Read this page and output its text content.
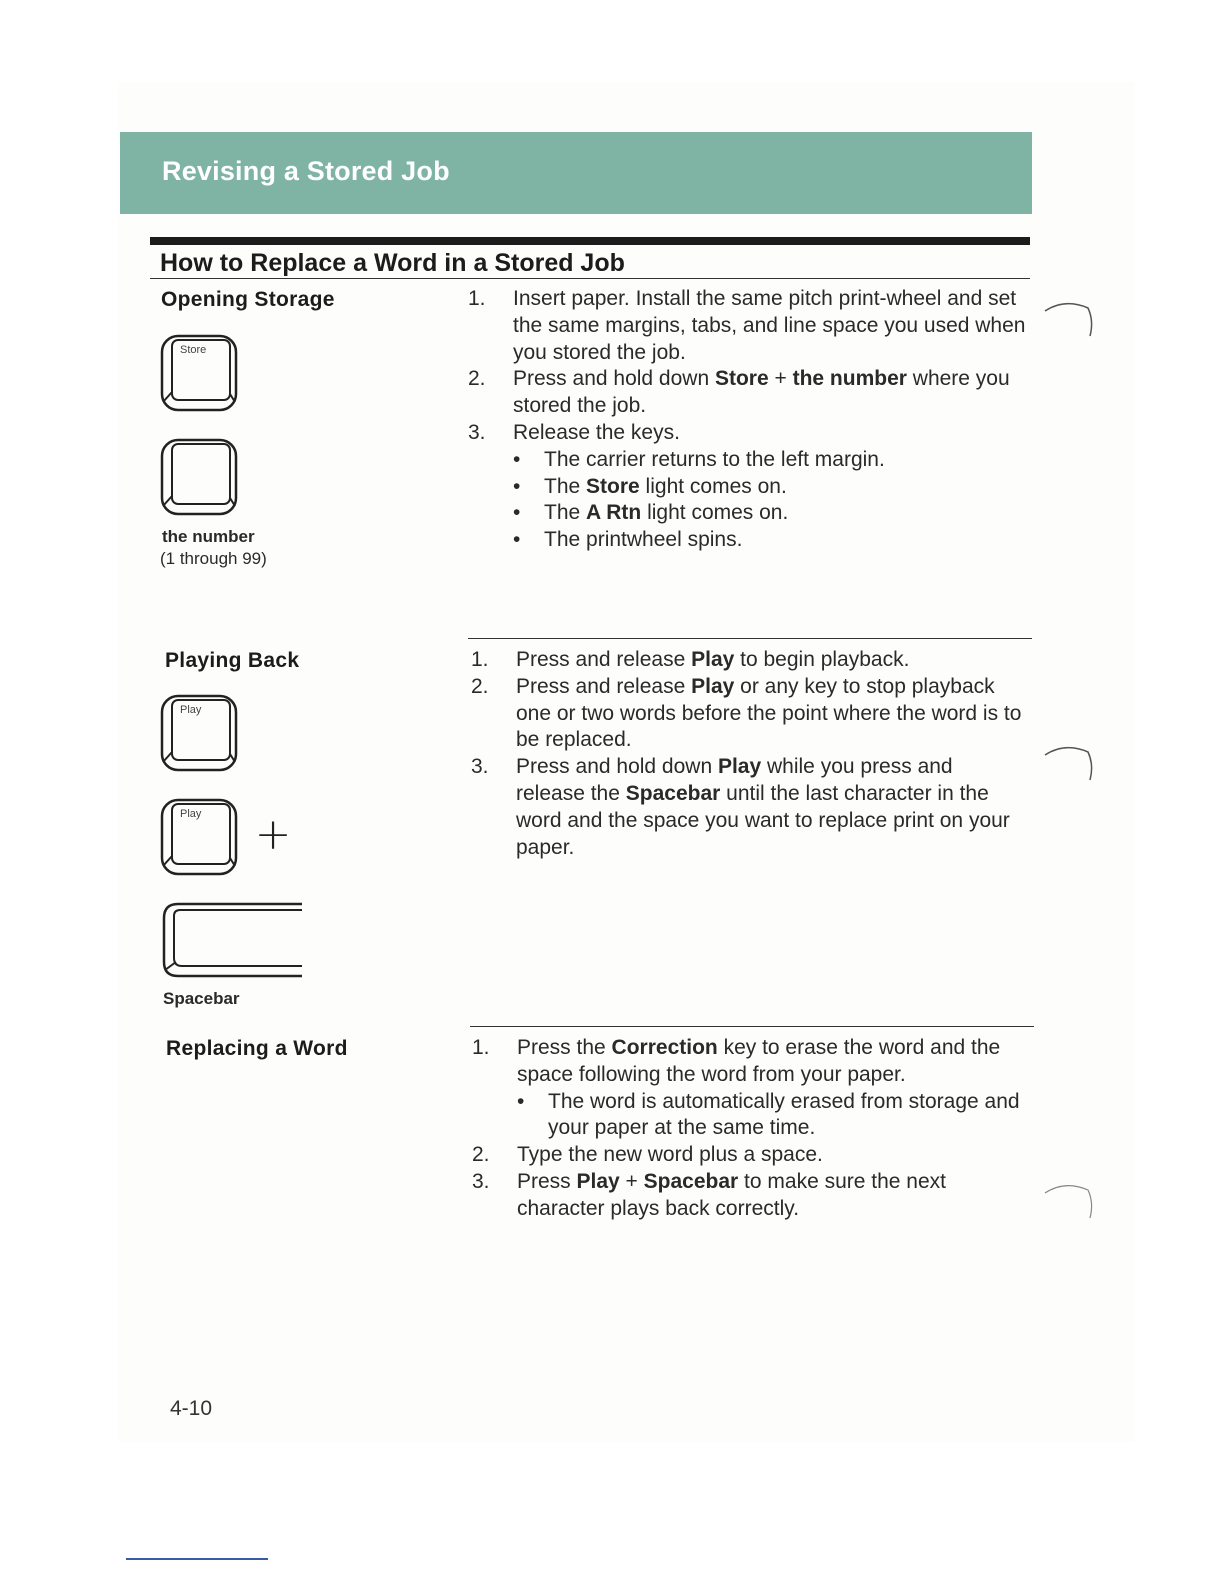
Revising a Stored Job
How to Replace a Word in a Stored Job
Opening Storage
Store
the number
(1 through 99)
1. Insert paper. Install the same pitch print-wheel and set the same margins, tabs, and line space you used when you stored the job.
2. Press and hold down Store + the number where you stored the job.
3. Release the keys.
• The carrier returns to the left margin.
• The Store light comes on.
• The A Rtn light comes on.
• The printwheel spins.
Playing Back
Play
Play +
Spacebar
1. Press and release Play to begin playback.
2. Press and release Play or any key to stop playback one or two words before the point where the word is to be replaced.
3. Press and hold down Play while you press and release the Spacebar until the last character in the word and the space you want to replace print on your paper.
Replacing a Word	1. Press the Correction key to erase the word and the space following the word from your paper.
• The word is automatically erased from storage and your paper at the same time.
2. Type the new word plus a space.
3. Press Play + Spacebar to make sure the next character plays back correctly.
4-10
